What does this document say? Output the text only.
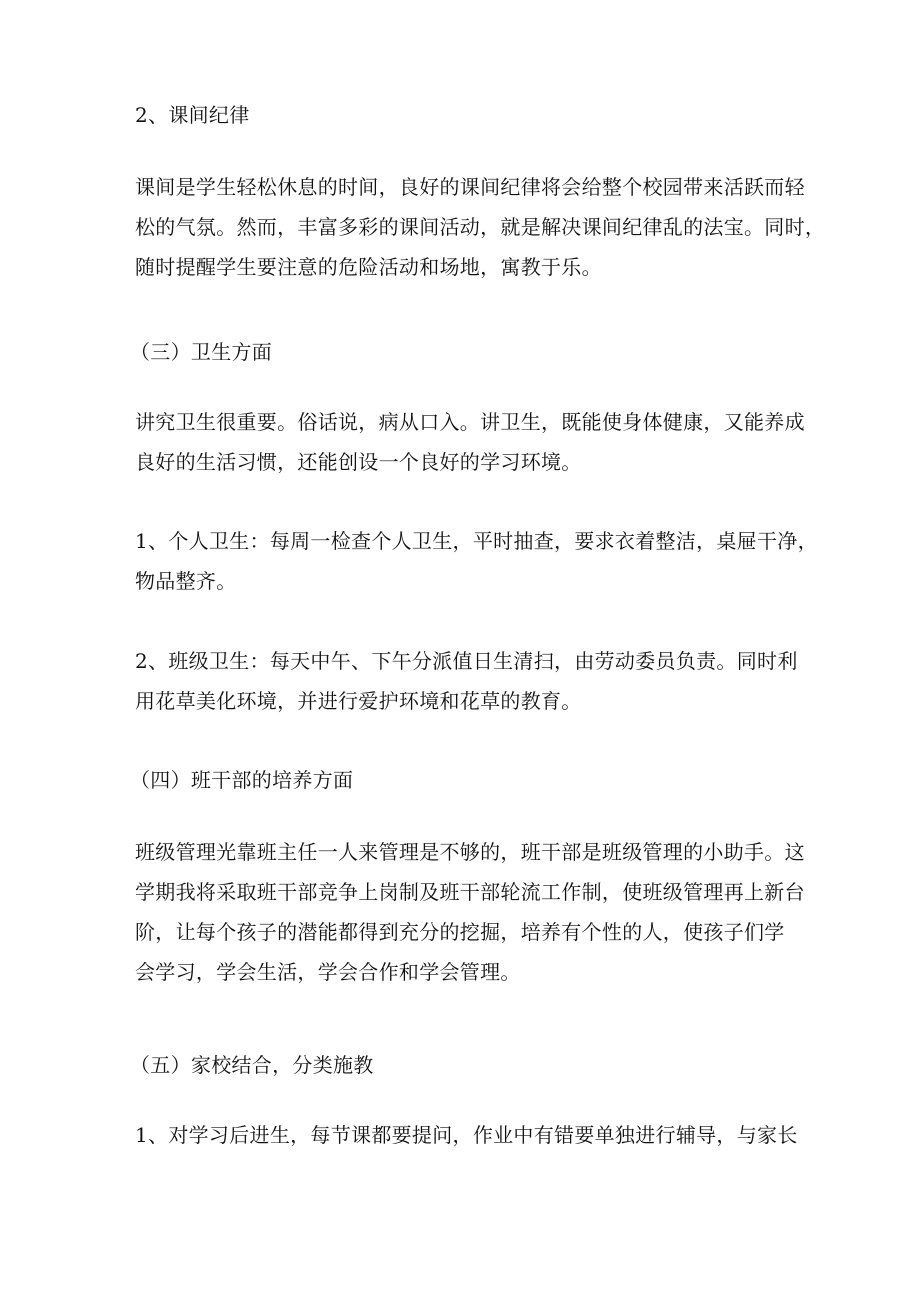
2、课间纪律
课间是学生轻松休息的时间，良好的课间纪律将会给整个校园带来活跃而轻
松的气氛。然而，丰富多彩的课间活动，就是解决课间纪律乱的法宝。同时，
随时提醒学生要注意的危险活动和场地，寓教于乐。
（三）卫生方面
讲究卫生很重要。俗话说，病从口入。讲卫生，既能使身体健康，又能养成
良好的生活习惯，还能创设一个良好的学习环境。
1、个人卫生：每周一检查个人卫生，平时抽查，要求衣着整洁，桌屉干净，
物品整齐。
2、班级卫生：每天中午、下午分派值日生清扫，由劳动委员负责。同时利
用花草美化环境，并进行爱护环境和花草的教育。
（四）班干部的培养方面
班级管理光靠班主任一人来管理是不够的，班干部是班级管理的小助手。这
学期我将采取班干部竞争上岗制及班干部轮流工作制，使班级管理再上新台
阶，让每个孩子的潜能都得到充分的挖掘，培养有个性的人，使孩子们学
会学习，学会生活，学会合作和学会管理。
（五）家校结合，分类施教
1、对学习后进生，每节课都要提问，作业中有错要单独进行辅导，与家长
